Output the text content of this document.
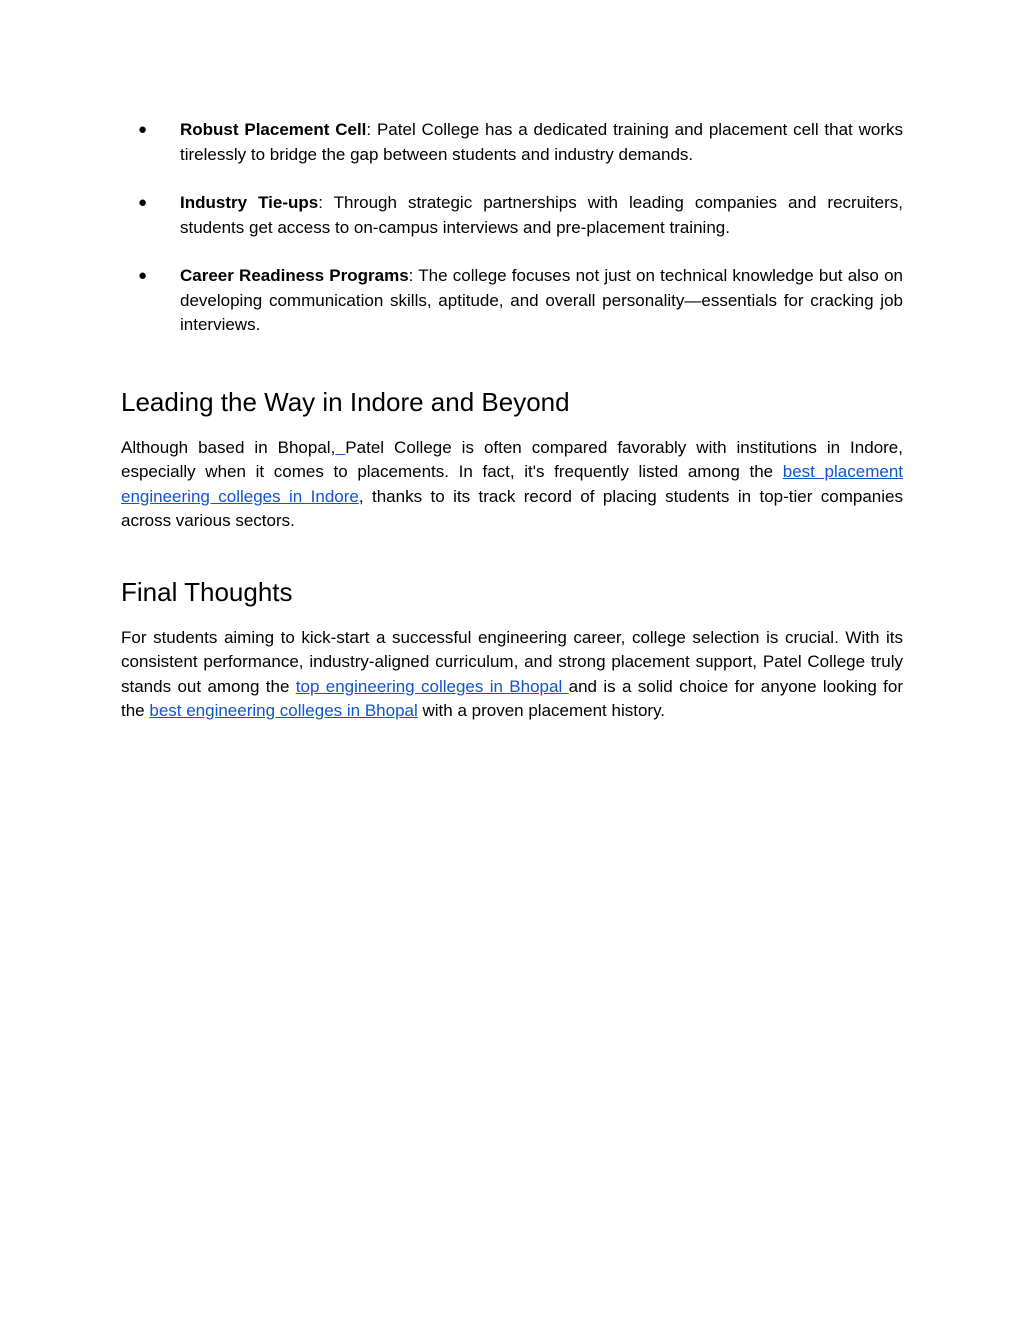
● Robust Placement Cell: Patel College has a dedicated training and placement cell that works tirelessly to bridge the gap between students and industry demands.
● Industry Tie-ups: Through strategic partnerships with leading companies and recruiters, students get access to on-campus interviews and pre-placement training.
● Career Readiness Programs: The college focuses not just on technical knowledge but also on developing communication skills, aptitude, and overall personality—essentials for cracking job interviews.
Leading the Way in Indore and Beyond

Although based in Bhopal, Patel College is often compared favorably with institutions in Indore, especially when it comes to placements. In fact, it's frequently listed among the best placement engineering colleges in Indore, thanks to its track record of placing students in top-tier companies across various sectors.

Final Thoughts

For students aiming to kick-start a successful engineering career, college selection is crucial. With its consistent performance, industry-aligned curriculum, and strong placement support, Patel College truly stands out among the top engineering colleges in Bhopal and is a solid choice for anyone looking for the best engineering colleges in Bhopal with a proven placement history.
